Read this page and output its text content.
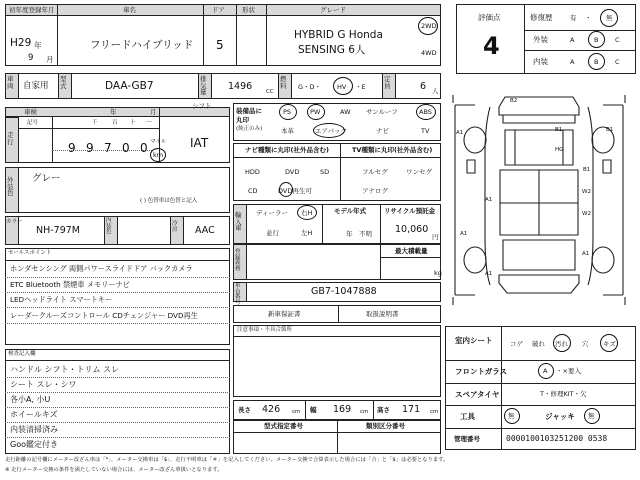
初年度登録年月	車名	ドア	形状	グレード
H29 年
9 月
フリードハイブリッド 5
HYBRID G Honda
SENSING 6人
2WD
4WD
車両	自家用
型式	DAA-GB7
排気量	1496	CC
燃料	G・D・ HV ・E
定員	6 人
評価点
4
修復歴	有 ・ 無
外装	A	B	C
内装	A	B	C
車検	年	月
走行
記号	千	百 十 一
9 9 7 0 0 マイル
km
シフト
IAT
外装色
グレー
( ) 色替車は色替と記入
カラー
NH-797M
内装色
冷房	AAC
装備品に
丸印
(純正のみ)
PS	PW	AW サンルーフ	ABS
本革	エアバック	ナビ	TV
ナビ種類に丸印(社外品含む)	TV種類に丸印(社外品含む)
HDD	DVD	SD
CD	DVD再生可
フルセグ	ワンセグ
アナログ
輸入車
ディーラー 右H
並行	左H
モデル年式
年　不明
リサイクル預託金
10,060
円
登録義務
最大積載量
kg
車台番号
GB7-1047888
セールスポイント
ホンダセンシング 両側パワースライドドア バックカメラ
ETC Bluetooth 禁煙車 メモリーナビ
LEDヘッドライト スマートキー
レーダークルーズコントロール CDチェンジャー DVD再生	新車保証書	取扱説明書
注意事項・不具合箇所
検査記入欄
ハンドル シフト・トリム スレ
シート スレ・シワ
各小A, 小U
ホイールキズ
内装清掃済み
Goo鑑定付き
長さ 426 cm 幅 169 cm 高さ 171 cm
型式指定番号	類別区分番号
B2
B1
A1	B1
HG
B1
A1
W2
A1
W2
A1
A1
室内シート	コゲ 破れ 汚れ 穴 キズ
フロントガラス	A ・×要入
スペアタイヤ	T・修理KIT・欠
工具	無	ジャッキ 無
管理番号	0000100103251200 0538
走行距離の記号欄にメーター改ざん車は「*」、メーター交換車は「$」、走行不明車は「＃」を記入してください。メーター交換で合算表示した場合には「合」と「$」は必要となります。
※ 走行メーター交換の条件を満たしていない場合には、メーター改ざん車扱いとなります。
